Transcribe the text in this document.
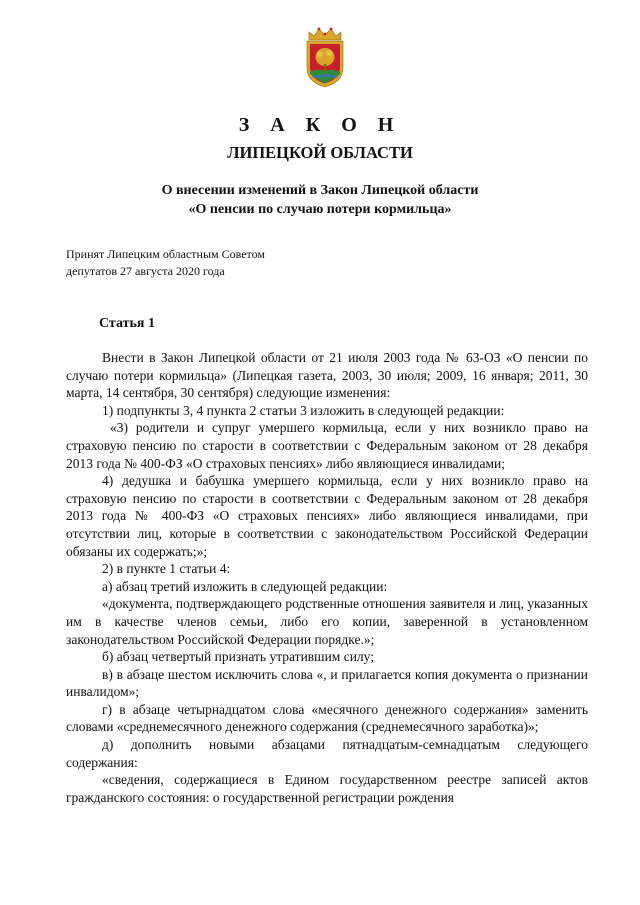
З А К О Н
ЛИПЕЦКОЙ ОБЛАСТИ
О внесении изменений в Закон Липецкой области
«О пенсии по случаю потери кормильца»
Принят Липецким областным Советом
депутатов 27 августа 2020 года
Статья 1

Внести в Закон Липецкой области от 21 июля 2003 года № 63-ОЗ «О пенсии по случаю потери кормильца» (Липецкая газета, 2003, 30 июля; 2009, 16 января; 2011, 30 марта, 14 сентября, 30 сентября) следующие изменения:

1) подпункты 3, 4 пункта 2 статьи 3 изложить в следующей редакции:

«3) родители и супруг умершего кормильца, если у них возникло право на страховую пенсию по старости в соответствии с Федеральным законом от 28 декабря 2013 года № 400-ФЗ «О страховых пенсиях» либо являющиеся инвалидами;

4) дедушка и бабушка умершего кормильца, если у них возникло право на страховую пенсию по старости в соответствии с Федеральным законом от 28 декабря 2013 года № 400-ФЗ «О страховых пенсиях» либо являющиеся инвалидами, при отсутствии лиц, которые в соответствии с законодательством Российской Федерации обязаны их содержать;»;

2) в пункте 1 статьи 4:

а) абзац третий изложить в следующей редакции:

«документа, подтверждающего родственные отношения заявителя и лиц, указанных им в качестве членов семьи, либо его копии, заверенной в установленном законодательством Российской Федерации порядке.»;

б) абзац четвертый признать утратившим силу;

в) в абзаце шестом исключить слова «, и прилагается копия документа о признании инвалидом»;

г) в абзаце четырнадцатом слова «месячного денежного содержания» заменить словами «среднемесячного денежного содержания (среднемесячного заработка)»;

д) дополнить новыми абзацами пятнадцатым-семнадцатым следующего содержания:

«сведения, содержащиеся в Едином государственном реестре записей актов гражданского состояния: о государственной регистрации рождения
